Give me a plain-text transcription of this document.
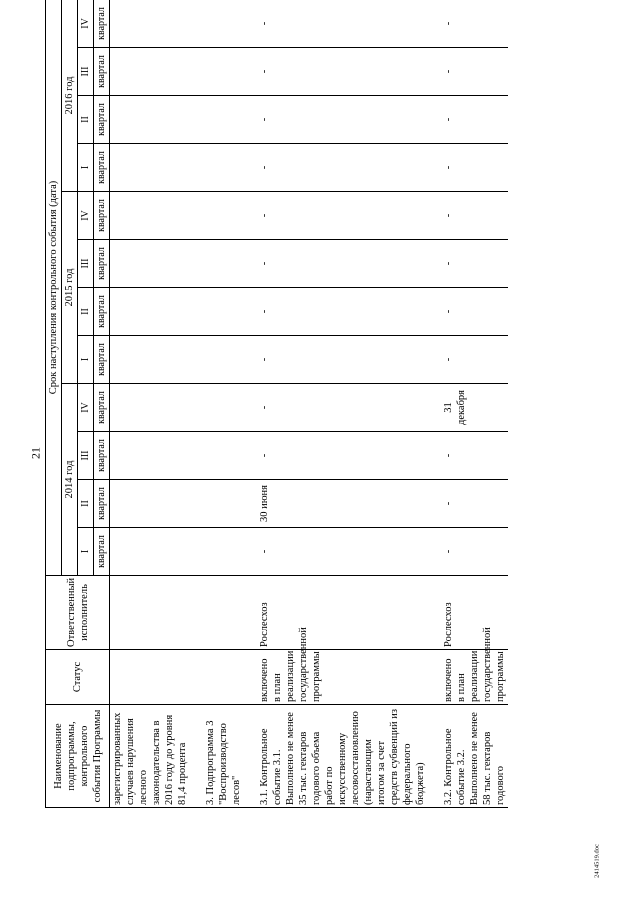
21
2414519.doc
Наименование подпрограммы, контрольного события Программы	Статус	Ответственный исполнитель	Срок наступления контрольного события (дата)											
			2014 год				2015 год				2016 год			
			I	II	III	IV	I	II	III	IV	I	II	III	IV
			квартал	квартал	квартал	квартал	квартал	квартал	квартал	квартал	квартал	квартал	квартал	квартал
зарегистрированных случаев нарушения лесного законодательства в 2016 году до уровня 81,4 процента														
3. Подпрограмма 3 "Воспроизводство лесов"														
3.1. Контрольное событие 3.1. Выполнено не менее 35 тыс. гектаров годового объема работ по искусственному лесовосстановлению (нарастающим итогом за счет средств субвенций из федерального бюджета)	включено в план реализации государственной программы	Рослесхоз	-	30 июня	-	-	-	-	-	-	-	-	-	-
3.2. Контрольное событие 3.2. Выполнено не менее 58 тыс. гектаров годового	включено в план реализации государственной программы	Рослесхоз	-	-	-	31 декабря	-	-	-	-	-	-	-	-
